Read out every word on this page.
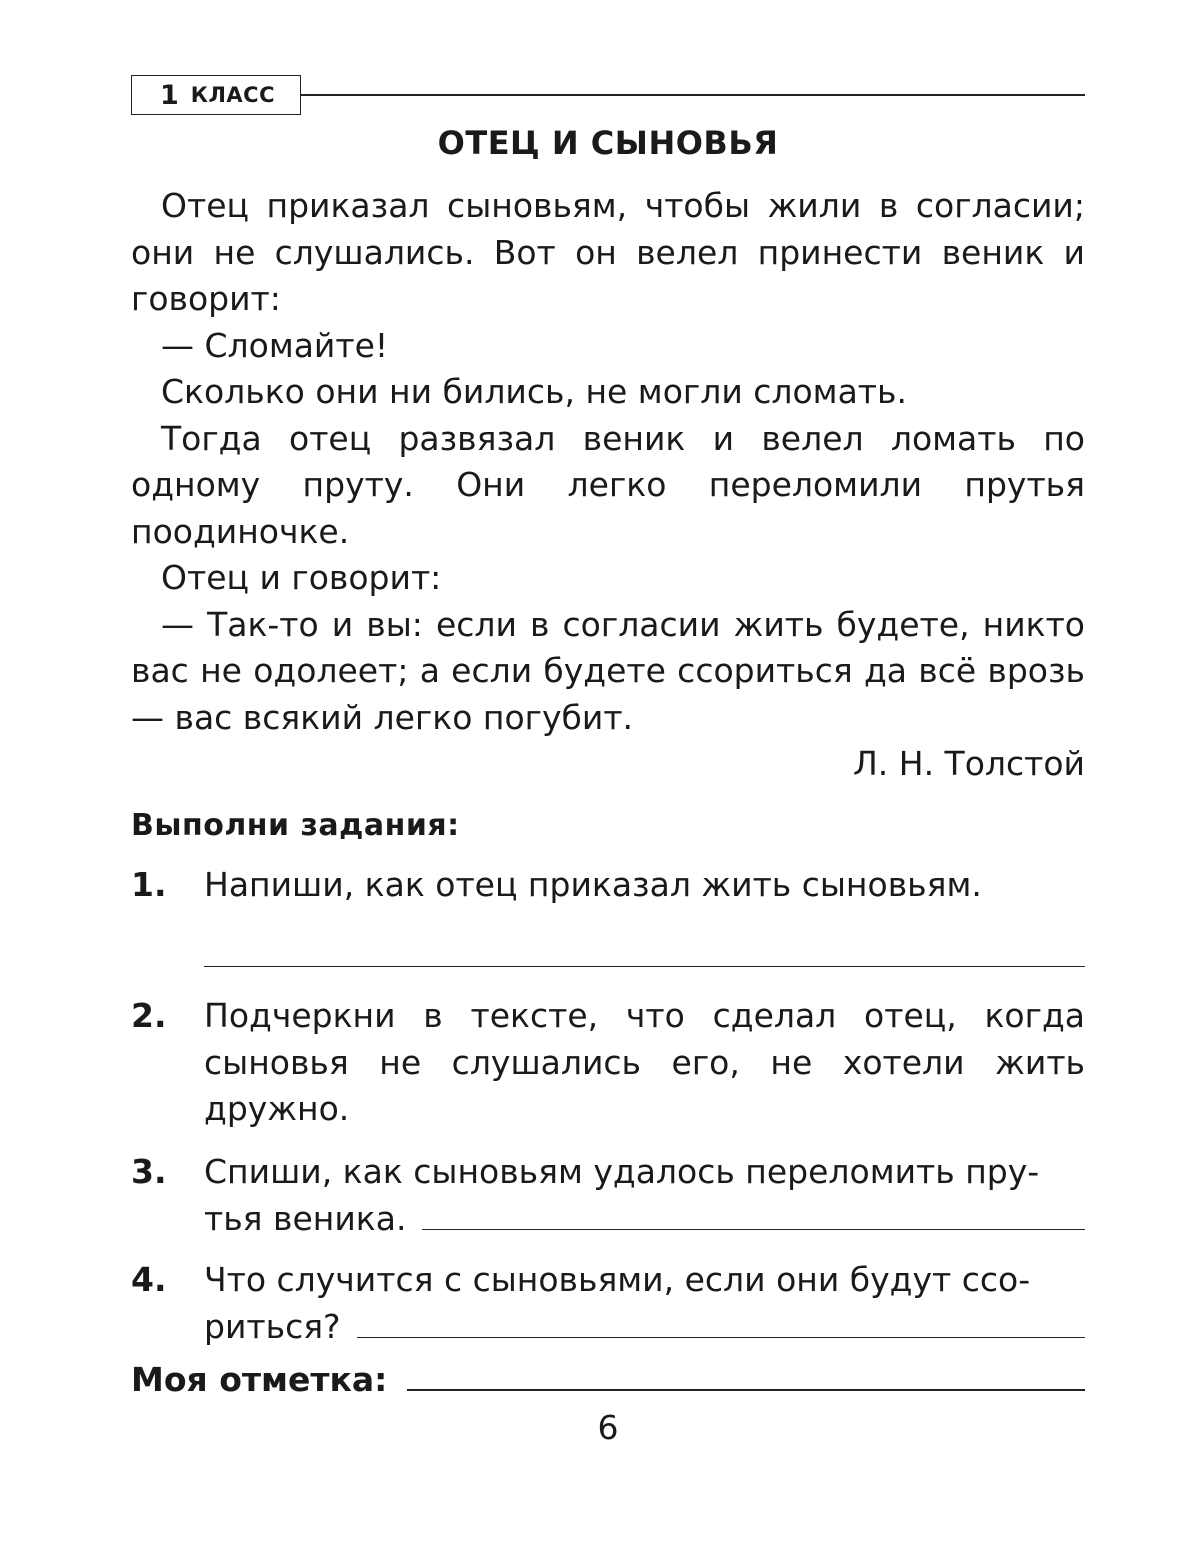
1 КЛАСС
ОТЕЦ И СЫНОВЬЯ

Отец приказал сыновьям, чтобы жили в согласии; они не слушались. Вот он велел принести веник и говорит:

— Сломайте!

Сколько они ни бились, не могли сломать.

Тогда отец развязал веник и велел ломать по одному пруту. Они легко переломили прутья поодиночке.

Отец и говорит:

— Так-то и вы: если в согласии жить будете, никто вас не одолеет; а если будете ссориться да всё врозь — вас всякий легко погубит.

Л. Н. Толстой

Выполни задания:
1.	Напиши, как отец приказал жить сыновьям.
2.	Подчеркни в тексте, что сделал отец, когда сыновья не слушались его, не хотели жить дружно.
3.	Спиши, как сыновьям удалось переломить пру-
тья веника.
4.	Что случится с сыновьями, если они будут ссо-
риться?
Моя отметка:
6
